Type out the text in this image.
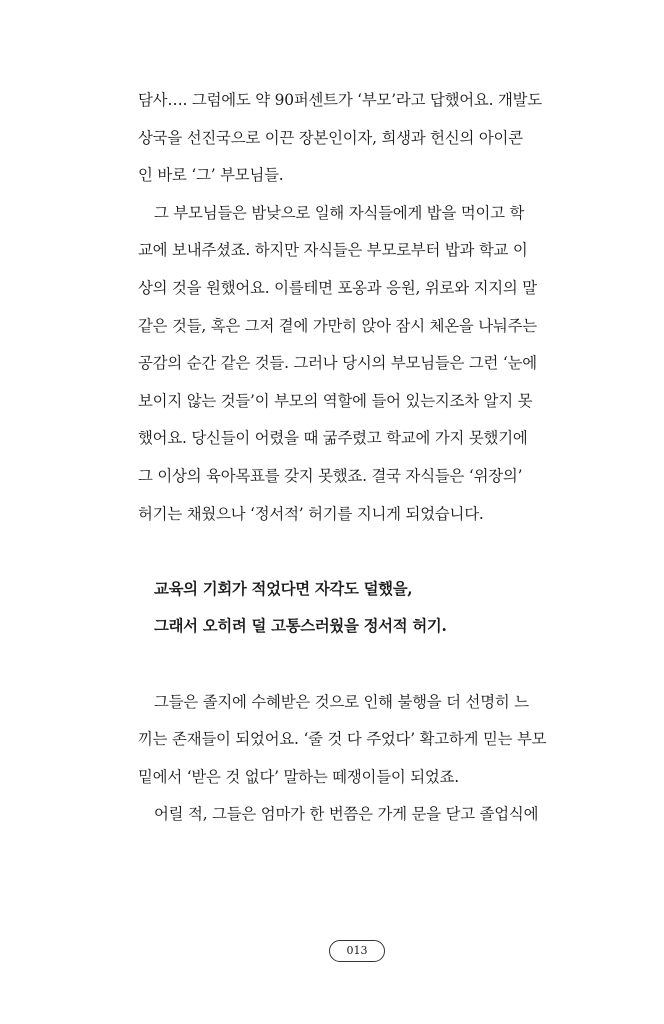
담사…. 그럼에도 약 90퍼센트가 ‘부모’라고 답했어요. 개발도
상국을 선진국으로 이끈 장본인이자, 희생과 헌신의 아이콘
인 바로 ‘그’ 부모님들.
그 부모님들은 밤낮으로 일해 자식들에게 밥을 먹이고 학
교에 보내주셨죠. 하지만 자식들은 부모로부터 밥과 학교 이
상의 것을 원했어요. 이를테면 포옹과 응원, 위로와 지지의 말
같은 것들, 혹은 그저 곁에 가만히 앉아 잠시 체온을 나눠주는
공감의 순간 같은 것들. 그러나 당시의 부모님들은 그런 ‘눈에
보이지 않는 것들’이 부모의 역할에 들어 있는지조차 알지 못
했어요. 당신들이 어렸을 때 굶주렸고 학교에 가지 못했기에
그 이상의 육아목표를 갖지 못했죠. 결국 자식들은 ‘위장의’
허기는 채웠으나 ‘정서적’ 허기를 지니게 되었습니다.
교육의 기회가 적었다면 자각도 덜했을,
그래서 오히려 덜 고통스러웠을 정서적 허기.
그들은 졸지에 수혜받은 것으로 인해 불행을 더 선명히 느
끼는 존재들이 되었어요. ‘줄 것 다 주었다’ 확고하게 믿는 부모
밑에서 ‘받은 것 없다’ 말하는 떼쟁이들이 되었죠.
어릴 적, 그들은 엄마가 한 번쯤은 가게 문을 닫고 졸업식에
013
